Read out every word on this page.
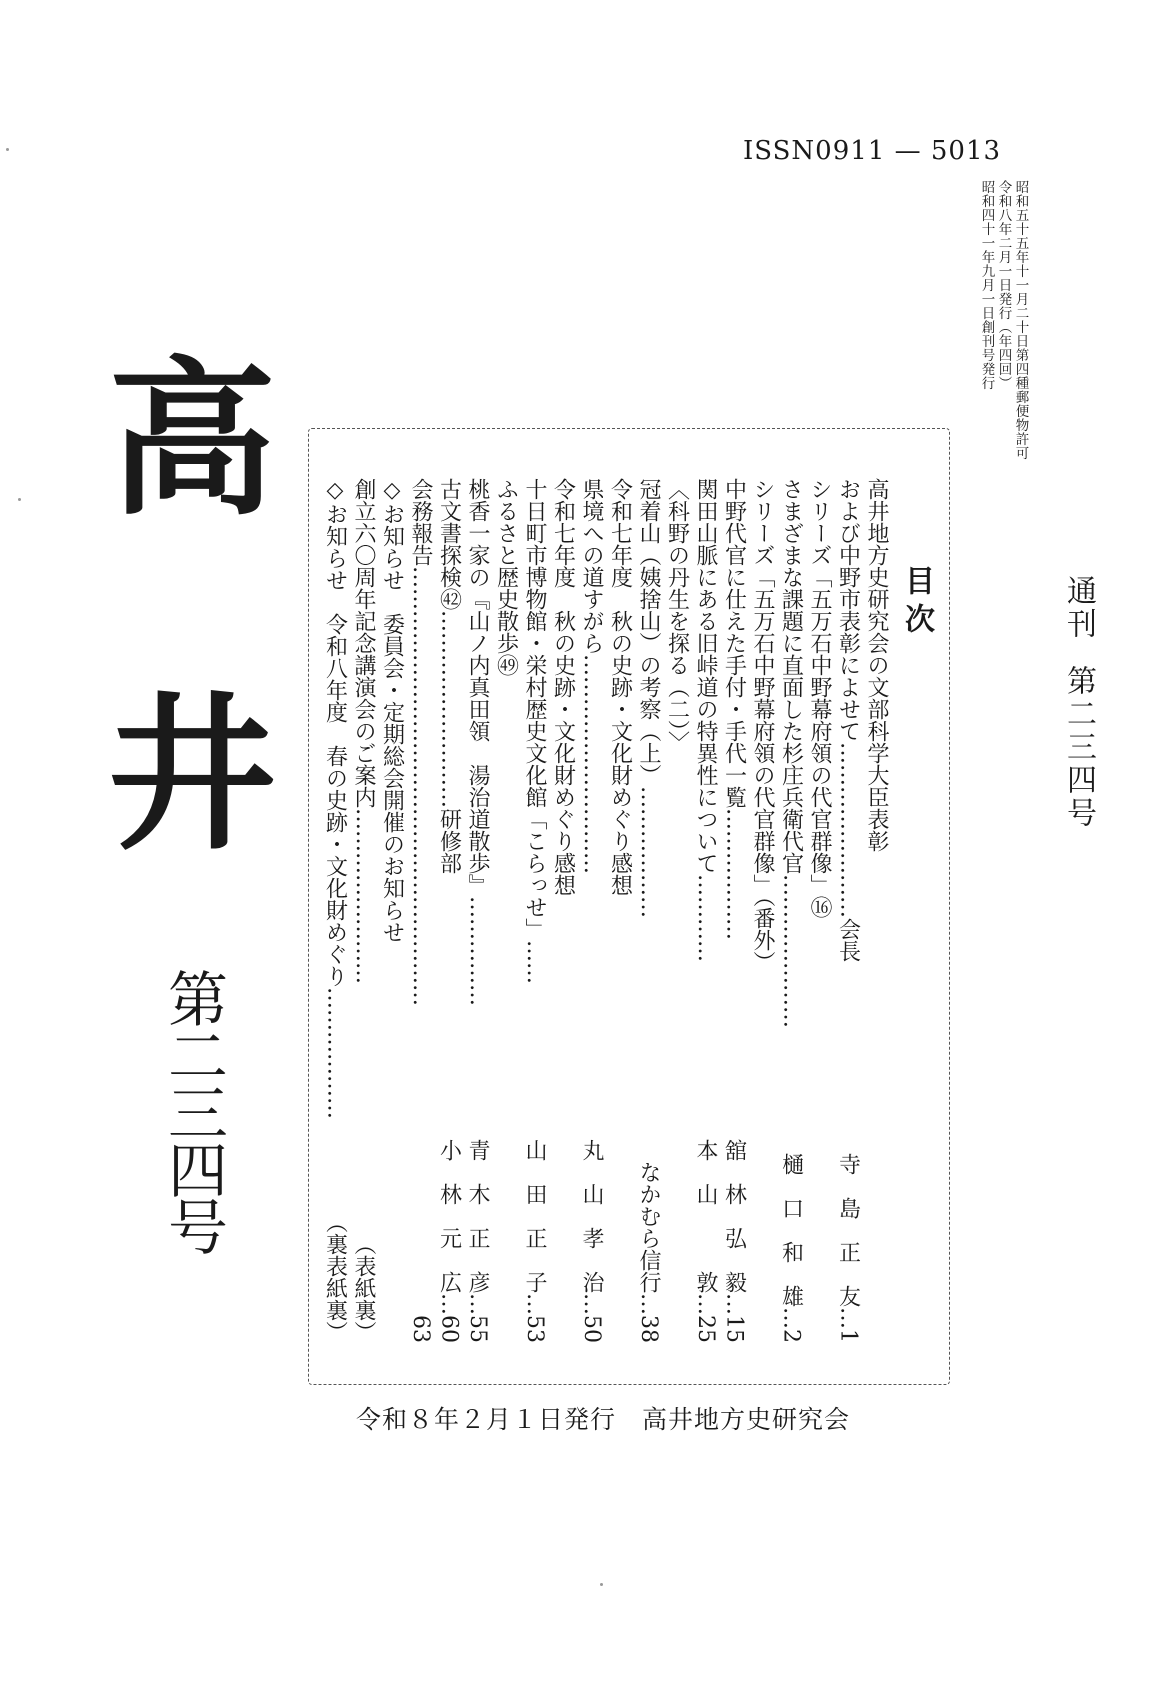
ISSN0911 — 5013
昭和五十五年十一月二十日第四種郵便物許可
令和八年二月一日発行（年四回）
昭和四十一年九月一日創刊号発行
通刊第二三四号
高
井
第二三四号
目次
高井地方史研究会の文部科学大臣表彰
および中野市表彰によせて……………………会長
寺　島　正　友…1
シリーズ「五万石中野幕府領の代官群像」⑯
さまざまな課題に直面した杉庄兵衛代官…………………
樋　口　和　雄…2
シリーズ「五万石中野幕府領の代官群像」（番外）
中野代官に仕えた手付・手代一覧………………
舘　林　弘　毅…15
関田山脈にある旧峠道の特異性について…………
本　山　　　敦…25
〈科野の丹生を探る（二）〉
冠着山（姨捨山）の考察（上）………………
なかむら信行…38
令和七年度　秋の史跡・文化財めぐり感想
県境への道すがら…………………………
丸　山　孝　治…50
令和七年度　秋の史跡・文化財めぐり感想
十日町市博物館・栄村歴史文化館「こらっせ」……
山　田　正　子…53
ふるさと歴史散歩㊾
桃香一家の『山ノ内真田領　湯治道散歩』……………
青　木　正　彦…55
古文書探検㊷………………………研修部
小　林　元　広…60
会務報告……………………………………………………
63
◇お知らせ　委員会・定期総会開催のお知らせ
創立六〇周年記念講演会のご案内……………………
（表紙裏）
◇お知らせ　令和八年度　春の史跡・文化財めぐり………………
（裏表紙裏）
令和８年２月１日発行 高井地方史研究会
